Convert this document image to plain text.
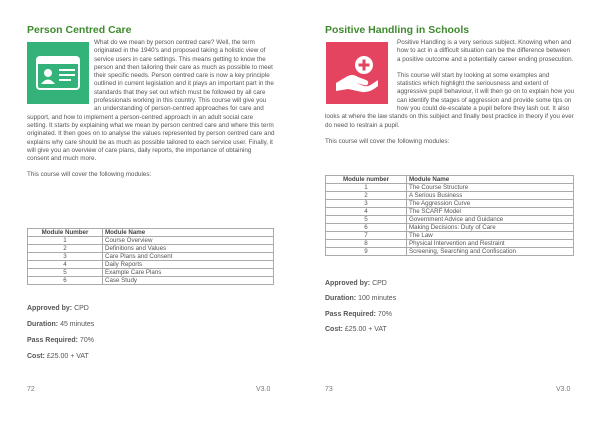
Person Centred Care

What do we mean by person centred care? Well, the term originated in the 1940's and proposed taking a holistic view of service users in care settings. This means getting to know the person and then tailoring their care as much as possible to meet their specific needs. Person centred care is now a key principle outlined in current legislation and it plays an important part in the standards that they set out which must be followed by all care professionals working in this country. This course will give you an understanding of person-centred approaches for care and support, and how to implement a person-centred approach in an adult social care setting. It starts by explaining what we mean by person centred care and where this term originated. It then goes on to analyse the values represented by person centred care and explains why care should be as much as possible tailored to each service user. Finally, it will give you an overview of care plans, daily reports, the importance of obtaining consent and much more.

This course will cover the following modules:

Module Number	Module Name
1	Course Overview
2	Definitions and Values
3	Care Plans and Consent
4	Daily Reports
5	Example Care Plans
6	Case Study

Approved by: CPD

Duration: 45 minutes

Pass Required: 70%

Cost: £25.00 + VAT

72	V3.0

Positive Handling in Schools

Positive Handling is a very serious subject. Knowing when and how to act in a difficult situation can be the difference between a positive outcome and a potentially career ending prosecution.

This course will start by looking at some examples and statistics which highlight the seriousness and extent of aggressive pupil behaviour, it will then go on to explain how you can identify the stages of aggression and provide some tips on how you could de-escalate a pupil before they lash out. It also looks at where the law stands on this subject and finally best practice in theory if you ever do need to restrain a pupil.

This course will cover the following modules:

Module number	Module Name
1	The Course Structure
2	A Serious Business
3	The Aggression Curve
4	The SCARF Model
5	Government Advice and Guidance
6	Making Decisions: Duty of Care
7	The Law
8	Physical Intervention and Restraint
9	Screening, Searching and Confiscation

Approved by: CPD

Duration: 100 minutes

Pass Required: 70%

Cost: £25.00 + VAT

73	V3.0
